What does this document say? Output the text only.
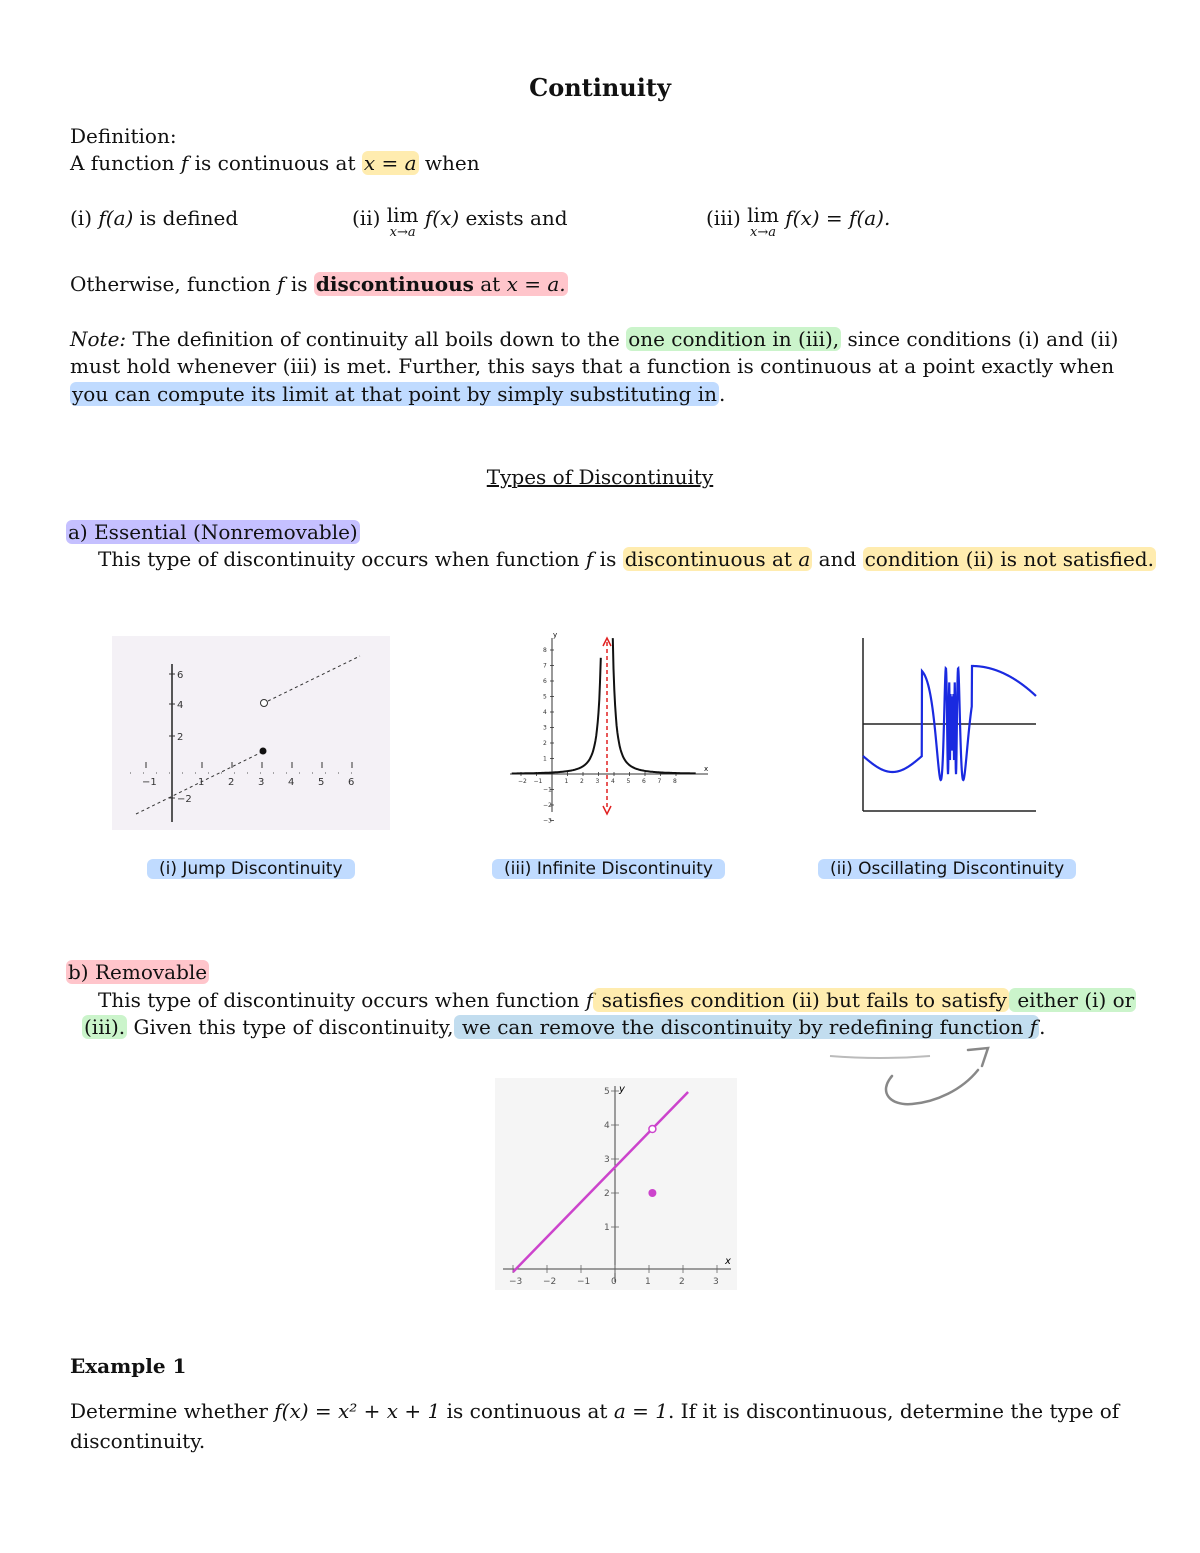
Continuity
Definition:
A function f is continuous at x = a when
(i) f(a) is defined	(ii) lim
x→a
f(x) exists and	(iii) lim
x→a
f(x) = f(a).
Otherwise, function f is discontinuous at x = a.
Note: The definition of continuity all boils down to the one condition in (iii), since conditions (i) and (ii)
must hold whenever (iii) is met. Further, this says that a function is continuous at a point exactly when
you can compute its limit at that point by simply substituting in .
Types of Discontinuity
a) Essential (Nonremovable)
This type of discontinuity occurs when function f is discontinuous at a and condition (ii) is not satisfied.
−1	1 2 3 4 5 6
2
4
6
−2
(i) Jump Discontinuity
x
y
−2 −1	1 2 3 4 5 6 7 8
1
2
3
4
5
6
7
8
−1
−2
−3
(iii) Infinite Discontinuity	(ii) Oscillating Discontinuity
b) Removable
This type of discontinuity occurs when function f satisfies condition (ii) but fails to satisfy either (i) or
(iii). Given this type of discontinuity, we can remove the discontinuity by redefining function f .
x
y
−3 −2 −1 0	1	2	3
1
2
3
4
5
Example 1
Determine whether f(x) = x² + x + 1 is continuous at a = 1. If it is discontinuous, determine the type of
discontinuity.
